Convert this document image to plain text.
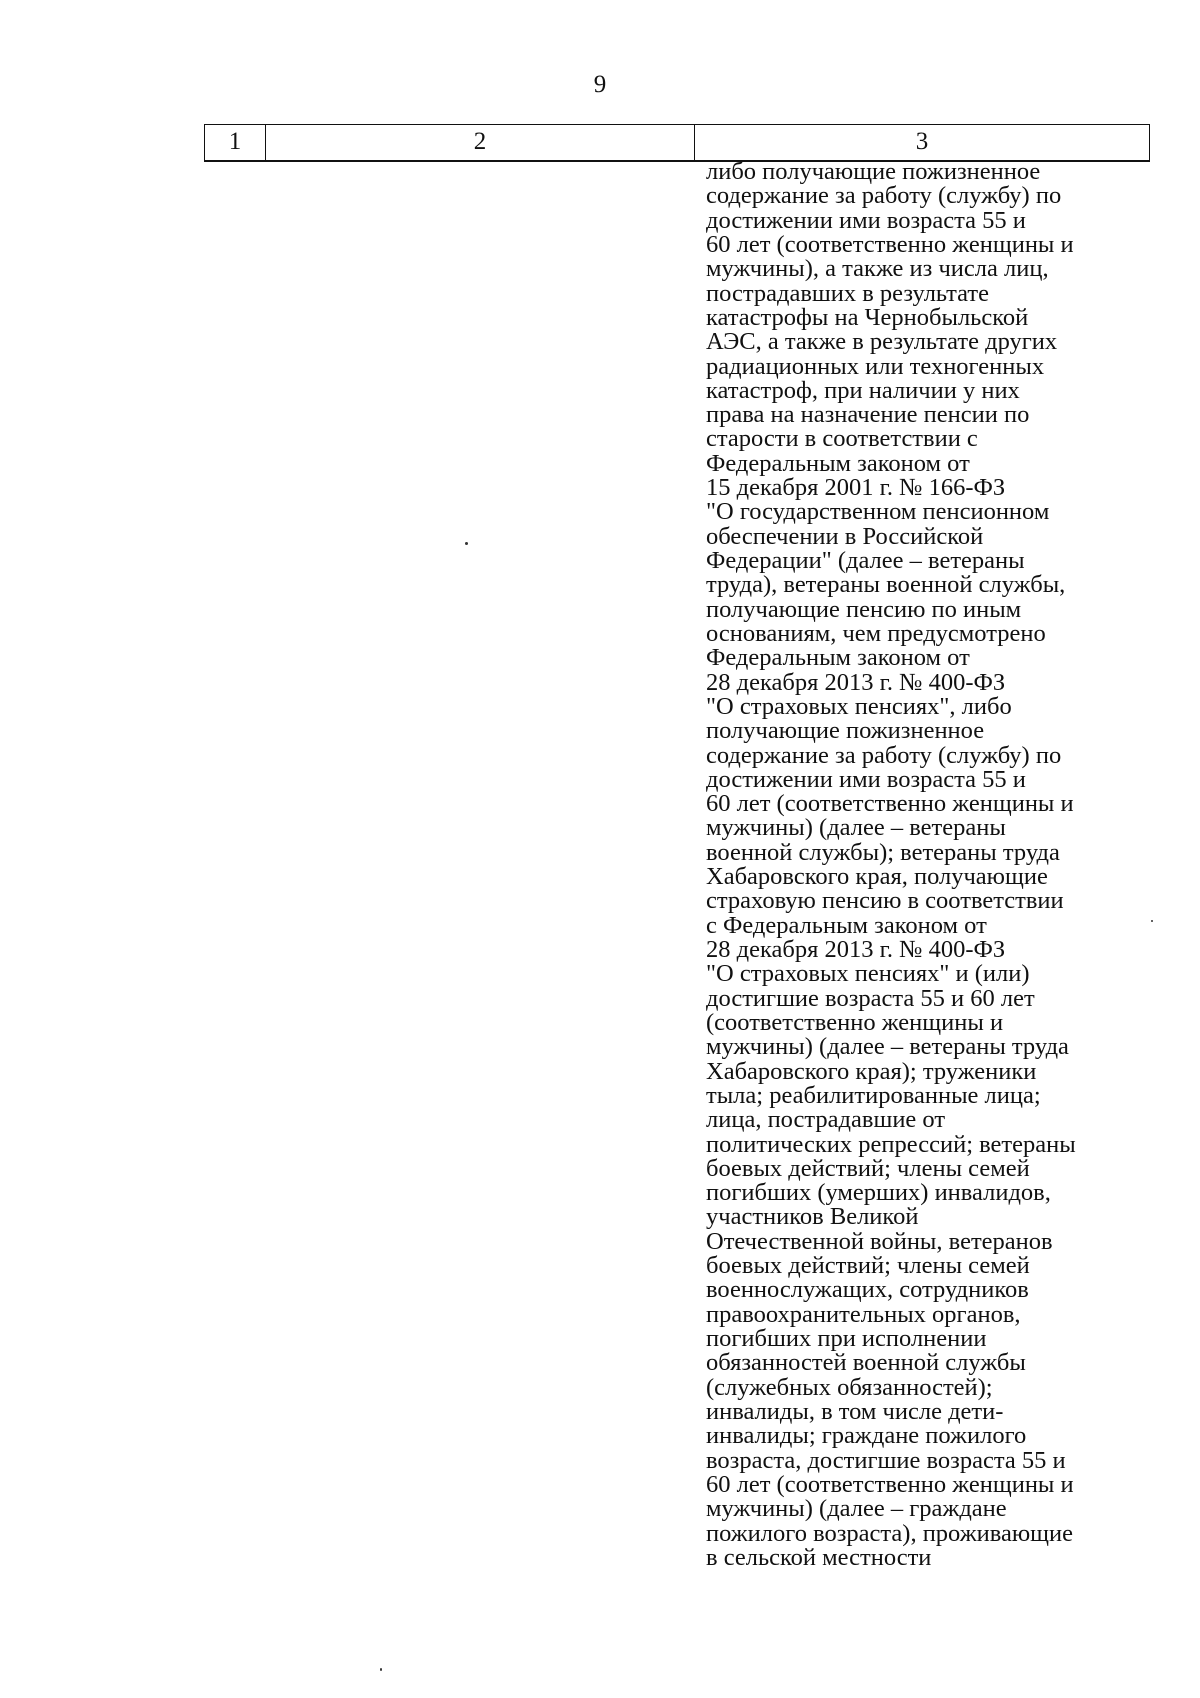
9
1	2	3
либо получающие пожизненное
содержание за работу (службу) по
достижении ими возраста 55 и
60 лет (соответственно женщины и
мужчины), а также из числа лиц,
пострадавших в результате
катастрофы на Чернобыльской
АЭС, а также в результате других
радиационных или техногенных
катастроф, при наличии у них
права на назначение пенсии по
старости в соответствии с
Федеральным законом от
15 декабря 2001 г. № 166-ФЗ
"О государственном пенсионном
обеспечении в Российской
Федерации" (далее – ветераны
труда), ветераны военной службы,
получающие пенсию по иным
основаниям, чем предусмотрено
Федеральным законом от
28 декабря 2013 г. № 400-ФЗ
"О страховых пенсиях", либо
получающие пожизненное
содержание за работу (службу) по
достижении ими возраста 55 и
60 лет (соответственно женщины и
мужчины) (далее – ветераны
военной службы); ветераны труда
Хабаровского края, получающие
страховую пенсию в соответствии
с Федеральным законом от
28 декабря 2013 г. № 400-ФЗ
"О страховых пенсиях" и (или)
достигшие возраста 55 и 60 лет
(соответственно женщины и
мужчины) (далее – ветераны труда
Хабаровского края); труженики
тыла; реабилитированные лица;
лица, пострадавшие от
политических репрессий; ветераны
боевых действий; члены семей
погибших (умерших) инвалидов,
участников Великой
Отечественной войны, ветеранов
боевых действий; члены семей
военнослужащих, сотрудников
правоохранительных органов,
погибших при исполнении
обязанностей военной службы
(служебных обязанностей);
инвалиды, в том числе дети-
инвалиды; граждане пожилого
возраста, достигшие возраста 55 и
60 лет (соответственно женщины и
мужчины) (далее – граждане
пожилого возраста), проживающие
в сельской местности
